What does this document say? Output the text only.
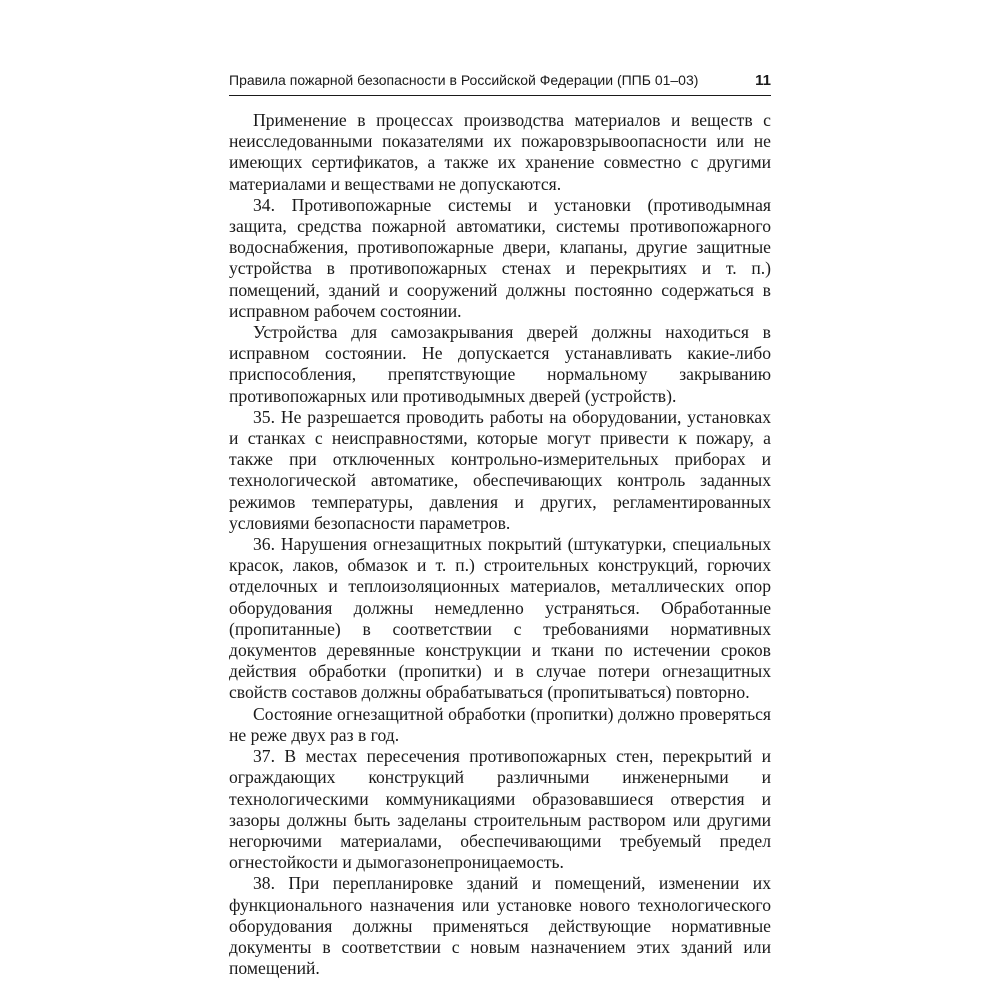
Правила пожарной безопасности в Российской Федерации (ППБ 01–03)	11

Применение в процессах производства материалов и веществ с неисследованными показателями их пожаровзрывоопасности или не имеющих сертификатов, а также их хранение совместно с другими материалами и веществами не допускаются.

34. Противопожарные системы и установки (противодымная защита, средства пожарной автоматики, системы противопожарного водоснабжения, противопожарные двери, клапаны, другие защитные устройства в противопожарных стенах и перекрытиях и т. п.) помещений, зданий и сооружений должны постоянно содержаться в исправном рабочем состоянии.

Устройства для самозакрывания дверей должны находиться в исправном состоянии. Не допускается устанавливать какие-либо приспособления, препятствующие нормальному закрыванию противопожарных или противодымных дверей (устройств).

35. Не разрешается проводить работы на оборудовании, установках и станках с неисправностями, которые могут привести к пожару, а также при отключенных контрольно-измерительных приборах и технологической автоматике, обеспечивающих контроль заданных режимов температуры, давления и других, регламентированных условиями безопасности параметров.

36. Нарушения огнезащитных покрытий (штукатурки, специальных красок, лаков, обмазок и т. п.) строительных конструкций, горючих отделочных и теплоизоляционных материалов, металлических опор оборудования должны немедленно устраняться. Обработанные (пропитанные) в соответствии с требованиями нормативных документов деревянные конструкции и ткани по истечении сроков действия обработки (пропитки) и в случае потери огнезащитных свойств составов должны обрабатываться (пропитываться) повторно.

Состояние огнезащитной обработки (пропитки) должно проверяться не реже двух раз в год.

37. В местах пересечения противопожарных стен, перекрытий и ограждающих конструкций различными инженерными и технологическими коммуникациями образовавшиеся отверстия и зазоры должны быть заделаны строительным раствором или другими негорючими материалами, обеспечивающими требуемый предел огнестойкости и дымогазонепроницаемость.

38. При перепланировке зданий и помещений, изменении их функционального назначения или установке нового технологического оборудования должны применяться действующие нормативные документы в соответствии с новым назначением этих зданий или помещений.
